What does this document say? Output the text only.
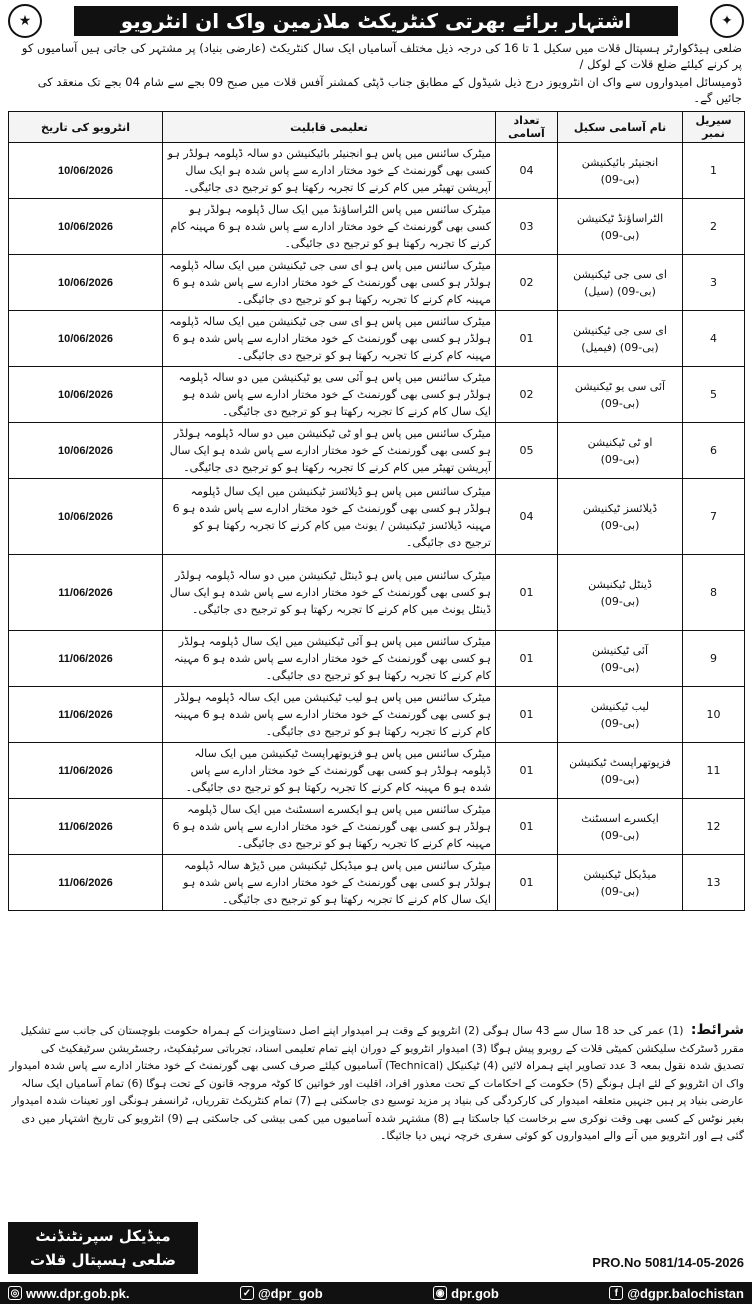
★	اشتہار برائے بھرتی کنٹریکٹ ملازمین واک ان انٹرویو	✦
ضلعی ہیڈکوارٹر ہسپتال قلات میں سکیل 1 تا 16 کی درجہ ذیل مختلف آسامیاں ایک سال کنٹریکٹ (عارضی بنیاد) پر مشتہر کی جاتی ہیں آسامیوں کو پر کرنے کیلئے ضلع قلات کے لوکل /
ڈومیسائل امیدواروں سے واک ان انٹرویوز درج ذیل شیڈول کے مطابق جناب ڈپٹی کمشنر آفس قلات میں صبح 09 بجے سے شام 04 بجے تک منعقد کی جائیں گے۔
سیریل نمبر	نام آسامی سکیل	تعداد آسامی	تعلیمی قابلیت	انٹرویو کی تاریخ
1	انجنیئر بائیکنیشن
(بی-09)	04	میٹرک سائنس میں پاس ہو انجنیئر بائیکنیشن دو سالہ ڈپلومہ ہولڈر ہو کسی بھی گورنمنٹ کے خود مختار ادارے سے پاس شدہ ہو ایک سال آپریشن تھیٹر میں کام کرنے کا تجربہ رکھتا ہو کو ترجیح دی جائیگی۔	10/06/2026
2	الٹراساؤنڈ ٹیکنیشن
(بی-09)	03	میٹرک سائنس میں پاس الٹراساؤنڈ میں ایک سال ڈپلومہ ہولڈر ہو کسی بھی گورنمنٹ کے خود مختار ادارے سے پاس شدہ ہو 6 مہینہ کام کرنے کا تجربہ رکھتا ہو کو ترجیح دی جائیگی۔	10/06/2026
3	ای سی جی ٹیکنیشن
(بی-09) (سیل)	02	میٹرک سائنس میں پاس ہو ای سی جی ٹیکنیشن میں ایک سالہ ڈپلومہ ہولڈر ہو کسی بھی گورنمنٹ کے خود مختار ادارے سے پاس شدہ ہو 6 مہینہ کام کرنے کا تجربہ رکھتا ہو کو ترجیح دی جائیگی۔	10/06/2026
4	ای سی جی ٹیکنیشن
(بی-09) (فیمیل)	01	میٹرک سائنس میں پاس ہو ای سی جی ٹیکنیشن میں ایک سالہ ڈپلومہ ہولڈر ہو کسی بھی گورنمنٹ کے خود مختار ادارے سے پاس شدہ ہو 6 مہینہ کام کرنے کا تجربہ رکھتا ہو کو ترجیح دی جائیگی۔	10/06/2026
5	آئی سی یو ٹیکنیشن
(بی-09)	02	میٹرک سائنس میں پاس ہو آئی سی یو ٹیکنیشن میں دو سالہ ڈپلومہ ہولڈر ہو کسی بھی گورنمنٹ کے خود مختار ادارے سے پاس شدہ ہو ایک سال کام کرنے کا تجربہ رکھتا ہو کو ترجیح دی جائیگی۔	10/06/2026
6	او ٹی ٹیکنیشن
(بی-09)	05	میٹرک سائنس میں پاس ہو او ٹی ٹیکنیشن میں دو سالہ ڈپلومہ ہولڈر ہو کسی بھی گورنمنٹ کے خود مختار ادارے سے پاس شدہ ہو ایک سال آپریشن تھیٹر میں کام کرنے کا تجربہ رکھتا ہو کو ترجیح دی جائیگی۔	10/06/2026
7	ڈیلائسز ٹیکنیشن
(بی-09)	04	میٹرک سائنس میں پاس ہو ڈیلائسز ٹیکنیشن میں ایک سال ڈپلومہ ہولڈر ہو کسی بھی گورنمنٹ کے خود مختار ادارے سے پاس شدہ ہو 6 مہینہ ڈیلائسز ٹیکنیشن / یونٹ میں کام کرنے کا تجربہ رکھتا ہو کو ترجیح دی جائیگی۔	10/06/2026
8	ڈینٹل ٹیکنیشن
(بی-09)	01	میٹرک سائنس میں پاس ہو ڈینٹل ٹیکنیشن میں دو سالہ ڈپلومہ ہولڈر ہو کسی بھی گورنمنٹ کے خود مختار ادارے سے پاس شدہ ہو ایک سال ڈینٹل یونٹ میں کام کرنے کا تجربہ رکھتا ہو کو ترجیح دی جائیگی۔	11/06/2026
9	آئی ٹیکنیشن
(بی-09)	01	میٹرک سائنس میں پاس ہو آئی ٹیکنیشن میں ایک سال ڈپلومہ ہولڈر ہو کسی بھی گورنمنٹ کے خود مختار ادارے سے پاس شدہ ہو 6 مہینہ کام کرنے کا تجربہ رکھتا ہو کو ترجیح دی جائیگی۔	11/06/2026
10	لیب ٹیکنیشن
(بی-09)	01	میٹرک سائنس میں پاس ہو لیب ٹیکنیشن میں ایک سالہ ڈپلومہ ہولڈر ہو کسی بھی گورنمنٹ کے خود مختار ادارے سے پاس شدہ ہو 6 مہینہ کام کرنے کا تجربہ رکھتا ہو کو ترجیح دی جائیگی۔	11/06/2026
11	فزیوتھراپسٹ ٹیکنیشن
(بی-09)	01	میٹرک سائنس میں پاس ہو فزیوتھراپسٹ ٹیکنیشن میں ایک سالہ ڈپلومہ ہولڈر ہو کسی بھی گورنمنٹ کے خود مختار ادارے سے پاس شدہ ہو 6 مہینہ کام کرنے کا تجربہ رکھتا ہو کو ترجیح دی جائیگی۔	11/06/2026
12	ایکسرے اسسٹنٹ
(بی-09)	01	میٹرک سائنس میں پاس ہو ایکسرے اسسٹنٹ میں ایک سال ڈپلومہ ہولڈر ہو کسی بھی گورنمنٹ کے خود مختار ادارے سے پاس شدہ ہو 6 مہینہ کام کرنے کا تجربہ رکھتا ہو کو ترجیح دی جائیگی۔	11/06/2026
13	میڈیکل ٹیکنیشن
(بی-09)	01	میٹرک سائنس میں پاس ہو میڈیکل ٹیکنیشن میں ڈیڑھ سالہ ڈپلومہ ہولڈر ہو کسی بھی گورنمنٹ کے خود مختار ادارے سے پاس شدہ ہو ایک سال کام کرنے کا تجربہ رکھتا ہو کو ترجیح دی جائیگی۔	11/06/2026
شرائط: (1) عمر کی حد 18 سال سے 43 سال ہوگی (2) انٹرویو کے وقت ہر امیدوار اپنے اصل دستاویزات کے ہمراہ حکومت بلوچستان کی جانب سے تشکیل مقرر ڈسٹرکٹ سلیکشن کمیٹی قلات کے روبرو پیش ہوگا (3) امیدوار انٹرویو کے دوران اپنے تمام تعلیمی اسناد، تجرباتی سرٹیفکیٹ، رجسٹریشن سرٹیفکیٹ کی تصدیق شدہ نقول بمعہ 3 عدد تصاویر اپنے ہمراہ لائیں (4) ٹیکنیکل (Technical) آسامیوں کیلئے صرف کسی بھی گورنمنٹ کے خود مختار ادارے سے پاس شدہ امیدوار واک ان انٹرویو کے لئے اہل ہونگے (5) حکومت کے احکامات کے تحت معذور افراد، اقلیت اور خواتین کا کوٹہ مروجہ قانون کے تحت ہوگا (6) تمام آسامیاں ایک سالہ عارضی بنیاد پر ہیں جنہیں متعلقہ امیدوار کی کارکردگی کی بنیاد پر مزید توسیع دی جاسکتی ہے (7) تمام کنٹریکٹ تقرریاں، ٹرانسفر ہونگی اور تعینات شدہ امیدوار بغیر نوٹس کے کسی بھی وقت نوکری سے برخاست کیا جاسکتا ہے (8) مشتہر شدہ آسامیوں میں کمی بیشی کی جاسکتی ہے (9) انٹرویو کی تاریخ اشتہار میں دی گئی ہے اور انٹرویو میں آنے والے امیدواروں کو کوئی سفری خرچہ نہیں دیا جائیگا۔
میڈیکل سپرنٹنڈنٹ
ضلعی ہسپتال قلات	PRO.No 5081/14-05-2026
◎ www.dpr.gob.pk.	✓ @dpr_gob	◉ dpr.gob	f @dgpr.balochistan
